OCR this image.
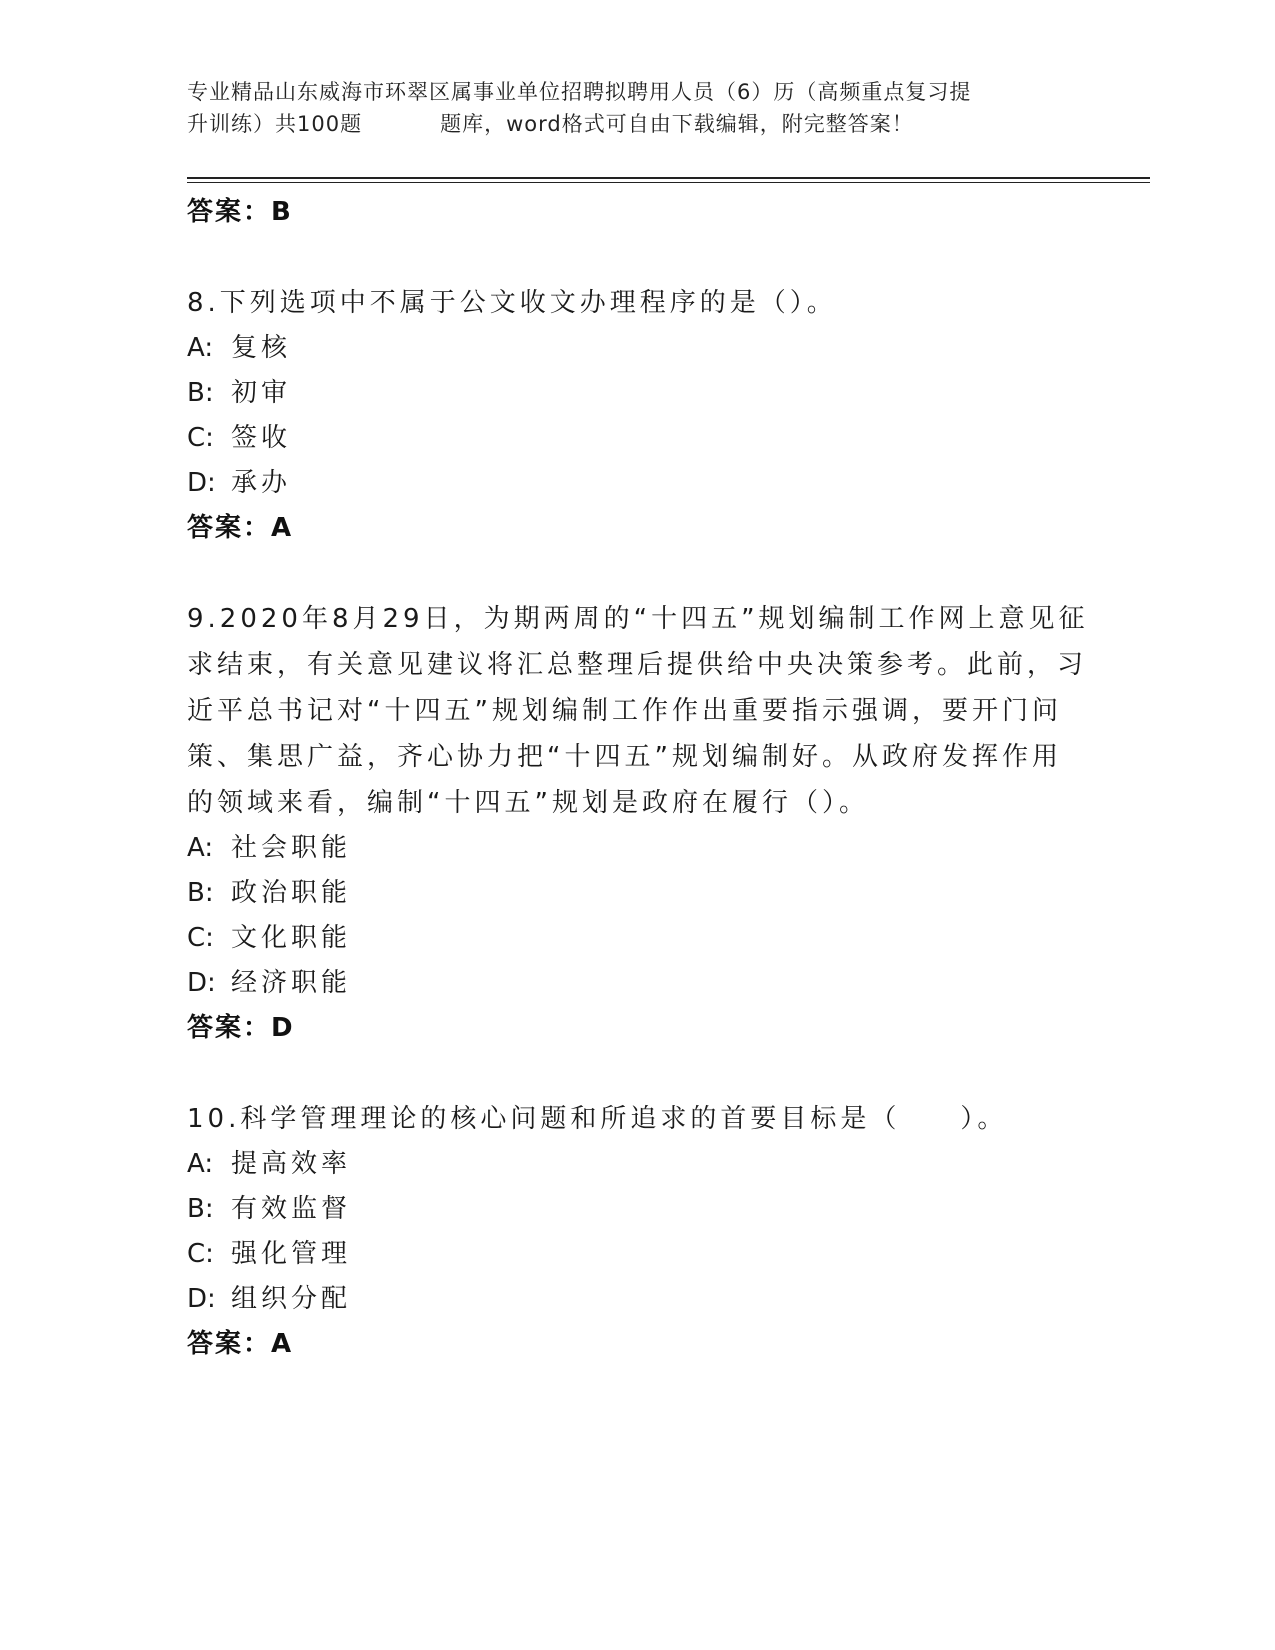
专业精品山东威海市环翠区属事业单位招聘拟聘用人员（6）历（高频重点复习提
升训练）共100题	题库，word格式可自由下载编辑，附完整答案！
答案：B
8.下列选项中不属于公文收文办理程序的是（）。
A: 复核
B: 初审
C: 签收
D: 承办
答案：A
9.2020年8月29日，为期两周的“十四五”规划编制工作网上意见征
求结束，有关意见建议将汇总整理后提供给中央决策参考。此前，习
近平总书记对“十四五”规划编制工作作出重要指示强调，要开门问
策、集思广益，齐心协力把“十四五”规划编制好。从政府发挥作用
的领域来看，编制“十四五”规划是政府在履行（）。
A: 社会职能
B: 政治职能
C: 文化职能
D: 经济职能
答案：D
10.科学管理理论的核心问题和所追求的首要目标是（　　）。
A: 提高效率
B: 有效监督
C: 强化管理
D: 组织分配
答案：A
